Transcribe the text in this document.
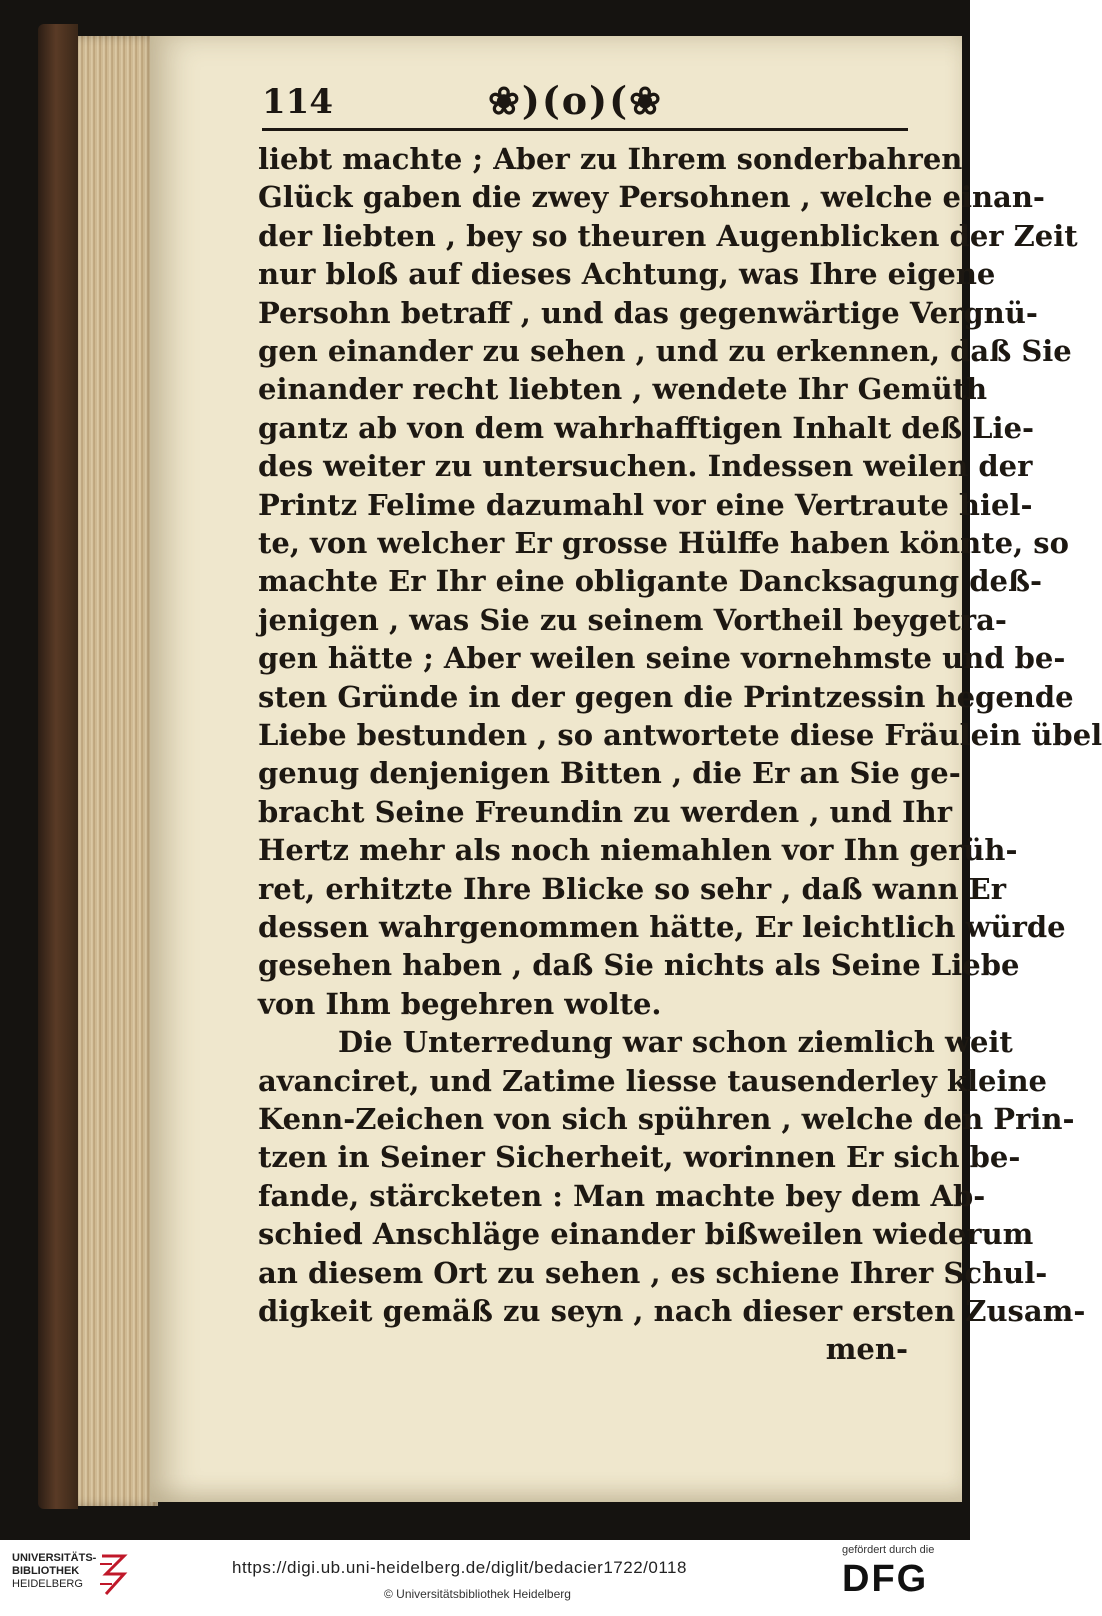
114	❀)(o)(❀
liebt machte ; Aber zu Ihrem sonderbahren
Glück gaben die zwey Persohnen , welche einan-
der liebten , bey so theuren Augenblicken der Zeit
nur bloß auf dieses Achtung, was Ihre eigene
Persohn betraff , und das gegenwärtige Vergnü-
gen einander zu sehen , und zu erkennen, daß Sie
einander recht liebten , wendete Ihr Gemüth
gantz ab von dem wahrhafftigen Inhalt deß Lie-
des weiter zu untersuchen. Indessen weilen der
Printz Felime dazumahl vor eine Vertraute hiel-
te, von welcher Er grosse Hülffe haben könnte, so
machte Er Ihr eine obligante Dancksagung deß-
jenigen , was Sie zu seinem Vortheil beygetra-
gen hätte ; Aber weilen seine vornehmste und be-
sten Gründe in der gegen die Printzessin hegende
Liebe bestunden , so antwortete diese Fräulein übel
genug denjenigen Bitten , die Er an Sie ge-
bracht Seine Freundin zu werden , und Ihr
Hertz mehr als noch niemahlen vor Ihn gerüh-
ret, erhitzte Ihre Blicke so sehr , daß wann Er
dessen wahrgenommen hätte, Er leichtlich würde
gesehen haben , daß Sie nichts als Seine Liebe
von Ihm begehren wolte.
Die Unterredung war schon ziemlich weit
avanciret, und Zatime liesse tausenderley kleine
Kenn-Zeichen von sich spühren , welche den Prin-
tzen in Seiner Sicherheit, worinnen Er sich be-
fande, stärcketen : Man machte bey dem Ab-
schied Anschläge einander bißweilen wiederum
an diesem Ort zu sehen , es schiene Ihrer Schul-
digkeit gemäß zu seyn , nach dieser ersten Zusam-
men-
UNIVERSITÄTS-
BIBLIOTHEK
HEIDELBERG
https://digi.ub.uni-heidelberg.de/diglit/bedacier1722/0118
© Universitätsbibliothek Heidelberg
gefördert durch die
DFG
